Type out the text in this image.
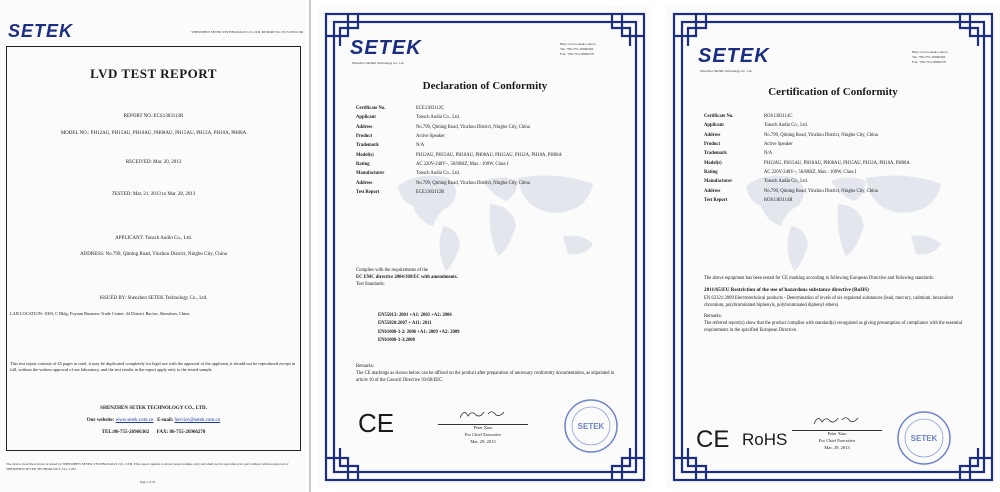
SETEK	SHENZHEN SETEK TECHNOLOGY CO.,LTD. REPORT No: ECS1303113R
LVD TEST REPORT
REPORT NO.:ECS1303113R
MODEL NO.: PH12AU, PH15AU, PH10AU, PH08AU, PH15AU, PH12A, PH10A, PH08A
RECEIVED: Mar. 20, 2013
TESTED: Mar. 21, 2013 to Mar. 28, 2013
APPLICANT: Tonsch Audio Co., Ltd.
ADDRESS: No.799, Qiming Road, Yinzhou District, Ningbo City, China
ISSUED BY: Shenzhen SETEK Technology Co., Ltd.
LAB LOCATION: 1003, C Bldg, Fuyuan Business Trade Center, 44 District Bao'an, Shenzhen, China
This test report consists of 45 pages in total, it may be duplicated completely for legal use with the approval of the applicant, it should not be reproduced except in full, without the written approval of our laboratory, and the test results in the report apply only to the tested sample.
SHENZHEN SETEK TECHNOLOGY CO., LTD.
Our website: www.setek.com.cn E-mail: Service@setek.com.cn
TEL:86-755-26966362 FAX: 86-755-26966270
The device described above is tested by SHENZHEN SETEK TECHNOLOGY CO., LTD. This report applies to above tested sample only and shall not be reproduced in part without written approval of SHENZHEN SETEK TECHNOLOGY CO., LTD.
Page 1 of 45
SETEK
Shenzhen SETEK Technology Co., Ltd.
Http://www.setek.com.cn
Tel: +86-755-26966362
Fax: +86-755-26966270
Declaration of Conformity
Certificate No.	ECE1303112C
Applicant	Tonsch Audio Co., Ltd.
Address	No.799, Qiming Road, Yinzhou District, Ningbo City, China
Product	Active Speaker
Trademark	N/A
Model(s)	PH12AU, PH15AU, PH10AU, PH08AU, PH15AU, PH12A, PH10A, PH08A
Rating	AC 220V-240V~, 50/60HZ, Max.: 100W, Class I
Manufacturer	Tonsch Audio Co., Ltd.
Address	No.799, Qiming Road, Yinzhou District, Ningbo City, China
Test Report	ECE1303112R
Complies with the requirements of the
EC EMC directive 2004/108/EC with amendments.
Test Standards:
EN55013: 2001 +A1: 2003 +A2: 2006
EN55020:2007 + A11: 2011
EN61000-3-2: 2006 +A1: 2009 +A2: 2009
EN61000-3-3:2008
Remarks:
The CE markings as shown below can be affixed on the product after preparation of necessary conformity documentation, as stipulated in article 10 of the Council Directive 93/68/EEC.
CE	Peter Xiao
For Chief Executive
Mar. 29, 2013
SETEK
SETEK
Shenzhen SETEK Technology Co., Ltd.
Http://www.setek.com.cn
Tel: +86-755-26966362
Fax: +86-755-26966270
Certification of Conformity
Certificate No.	ROS1303114C
Applicant	Tonsch Audio Co., Ltd.
Address	No.799, Qiming Road, Yinzhou District, Ningbo City, China
Product	Active Speaker
Trademark	N/A
Model(s)	PH12AU, PH15AU, PH10AU, PH08AU, PH15AU, PH12A, PH10A, PH08A
Rating	AC 220V-240V~, 50/60HZ, Max.: 100W, Class I
Manufacturer	Tonsch Audio Co., Ltd.
Address	No.799, Qiming Road, Yinzhou District, Ningbo City, China
Test Report	ROS1303114R
The above equipment has been tested for CE marking according to following European Directive and following standards:
2011/65/EU Restriction of the use of hazardous substance directive (RoHS)
EN 62321:2009 Electrotechnical products - Determination of levels of six regulated substances (lead, mercury, cadmium, hexavalent chromium, polybrominated biphenyls, polybrominated diphenyl ethers)
Remarks:
The referred report(s) show that the product complies with standard(s) recognized as giving presumption of compliance with the essential requirements in the specified European Directive.
CE RoHS	Peter Xiao
For Chief Executive
Mar. 29, 2013
SETEK
